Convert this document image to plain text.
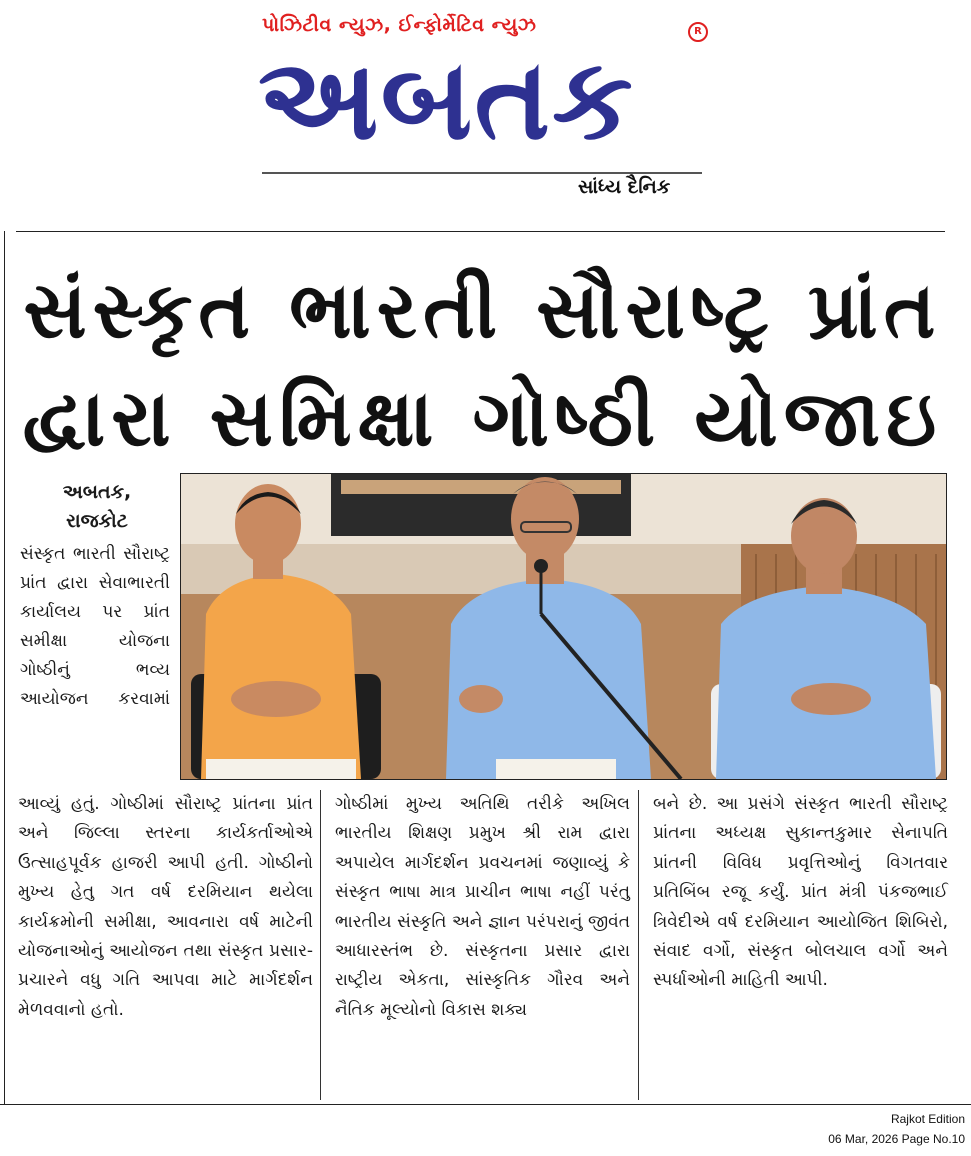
પોઝિટીવ ન્યુઝ, ઈન્ફોર્મેટિવ ન્યુઝ	R
અબતક
સાંધ્ય દૈનિક
સંસ્કૃત ભારતી સૌરાષ્ટ્ર પ્રાંત
દ્વારા સમિક્ષા ગોષ્ઠી યોજાઇ
અબતક,
રાજકોટ
સંસ્કૃત ભારતી સૌરાષ્ટ્ર પ્રાંત દ્વારા સેવાભારતી કાર્યાલય પર પ્રાંત સમીક્ષા યોજના ગોષ્ઠીનું ભવ્ય આયોજન કરવામાં
આવ્યું હતું. ગોષ્ઠીમાં સૌરાષ્ટ્ર પ્રાંતના પ્રાંત અને જિલ્લા સ્તરના કાર્યકર્તાઓએ ઉત્સાહપૂર્વક હાજરી આપી હતી. ગોષ્ઠીનો મુખ્ય હેતુ ગત વર્ષ દરમિયાન થયેલા કાર્યક્રમોની સમીક્ષા, આવનારા વર્ષ માટેની યોજનાઓનું આયોજન તથા સંસ્કૃત પ્રસાર-પ્રચારને વધુ ગતિ આપવા માટે માર્ગદર્શન મેળવવાનો હતો.
ગોષ્ઠીમાં મુખ્ય અતિથિ તરીકે અખિલ ભારતીય શિક્ષણ પ્રમુખ શ્રી રામ દ્વારા અપાયેલ માર્ગદર્શન પ્રવચનમાં જણાવ્યું કે સંસ્કૃત ભાષા માત્ર પ્રાચીન ભાષા નહીં પરંતુ ભારતીય સંસ્કૃતિ અને જ્ઞાન પરંપરાનું જીવંત આધારસ્તંભ છે. સંસ્કૃતના પ્રસાર દ્વારા રાષ્ટ્રીય એકતા, સાંસ્કૃતિક ગૌરવ અને નૈતિક મૂલ્યોનો વિકાસ શક્ય
બને છે. આ પ્રસંગે સંસ્કૃત ભારતી સૌરાષ્ટ્ર પ્રાંતના અધ્યક્ષ સુકાન્તકુમાર સેનાપતિ પ્રાંતની વિવિધ પ્રવૃત્તિઓનું વિગતવાર પ્રતિબિંબ રજૂ કર્યું. પ્રાંત મંત્રી પંકજભાઈ ત્રિવેદીએ વર્ષ દરમિયાન આયોજિત શિબિરો, સંવાદ વર્ગો, સંસ્કૃત બોલચાલ વર્ગો અને સ્પર્ધાઓની માહિતી આપી.
Rajkot Edition
06 Mar, 2026 Page No.10
